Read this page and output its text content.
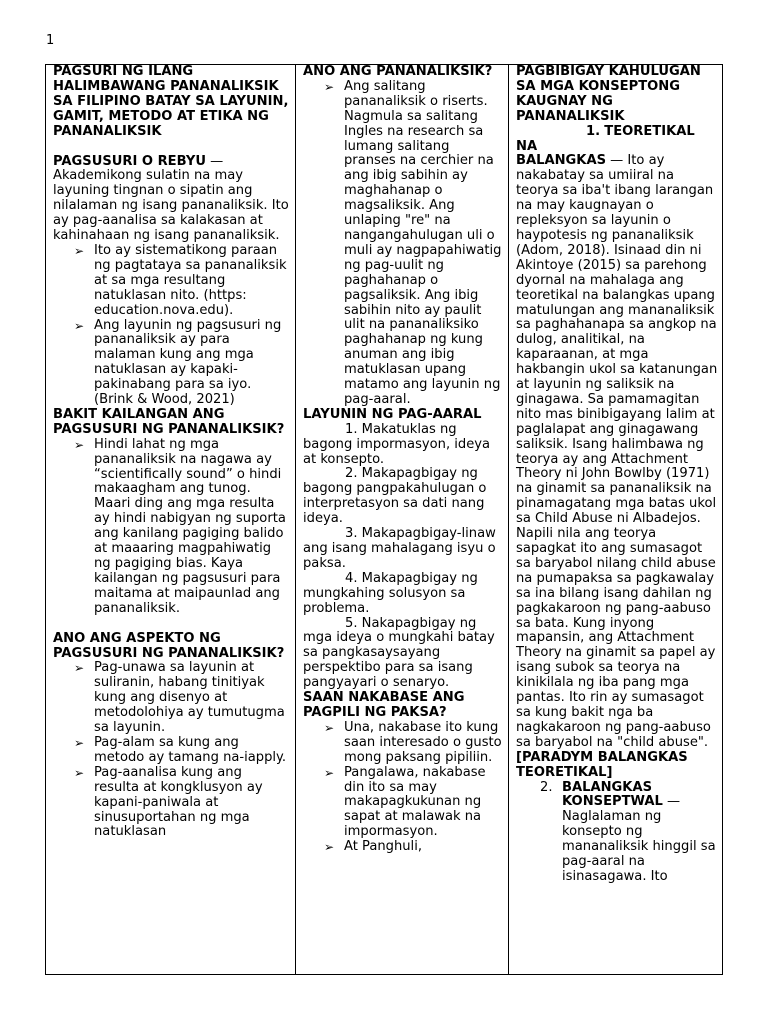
1

PAGSURI NG ILANG HALIMBAWANG PANANALIKSIK SA FILIPINO BATAY SA LAYUNIN, GAMIT, METODO AT ETIKA NG PANANALIKSIK

PAGSUSURI O REBYU — Akademikong sulatin na may layuning tingnan o sipatin ang nilalaman ng isang pananaliksik. Ito ay pag-aanalisa sa kalakasan at kahinahaan ng isang pananaliksik.

➢ Ito ay sistematikong paraan ng pagtataya sa pananaliksik at sa mga resultang natuklasan nito. (https: education.nova.edu).
➢ Ang layunin ng pagsusuri ng pananaliksik ay para malaman kung ang mga natuklasan ay kapaki-pakinabang para sa iyo. (Brink & Wood, 2021)

BAKIT KAILANGAN ANG PAGSUSURI NG PANANALIKSIK?

➢ Hindi lahat ng mga pananaliksik na nagawa ay “scientifically sound” o hindi makaagham ang tunog. Maari ding ang mga resulta ay hindi nabigyan ng suporta ang kanilang pagiging balido at maaaring magpahiwatig ng pagiging bias. Kaya kailangan ng pagsusuri para maitama at maipaunlad ang pananaliksik.

ANO ANG ASPEKTO NG PAGSUSURI NG PANANALIKSIK?

➢ Pag-unawa sa layunin at suliranin, habang tinitiyak kung ang disenyo at metodolohiya ay tumutugma sa layunin.
➢ Pag-alam sa kung ang metodo ay tamang na-iapply.
➢ Pag-aanalisa kung ang resulta at kongklusyon ay kapani-paniwala at sinusuportahan ng mga natuklasan

ANO ANG PANANALIKSIK?

➢ Ang salitang pananaliksik o riserts. Nagmula sa salitang Ingles na research sa lumang salitang pranses na cerchier na ang ibig sabihin ay maghahanap o magsaliksik. Ang unlaping "re" na nangangahulugan uli o muli ay nagpapahiwatig ng pag-uulit ng paghahanap o pagsaliksik. Ang ibig sabihin nito ay paulit ulit na pananaliksiko paghahanap ng kung anuman ang ibig matuklasan upang matamo ang layunin ng pag-aaral.

LAYUNIN NG PAG-AARAL

1. Makatuklas ng bagong impormasyon, ideya at konsepto.

2. Makapagbigay ng bagong pangpakahulugan o interpretasyon sa dati nang ideya.

3. Makapagbigay-linaw ang isang mahalagang isyu o paksa.

4. Makapagbigay ng mungkahing solusyon sa problema.

5. Nakapagbigay ng mga ideya o mungkahi batay sa pangkasaysayang perspektibo para sa isang pangyayari o senaryo.

SAAN NAKABASE ANG PAGPILI NG PAKSA?

➢ Una, nakabase ito kung saan interesado o gusto mong paksang pipiliin.
➢ Pangalawa, nakabase din ito sa may makapagkukunan ng sapat at malawak na impormasyon.
➢ At Panghuli,

PAGBIBIGAY KAHULUGAN SA MGA KONSEPTONG KAUGNAY NG PANANALIKSIK

1. TEORETIKAL NA
BALANGKAS — Ito ay nakabatay sa umiiral na teorya sa iba't ibang larangan na may kaugnayan o repleksyon sa layunin o haypotesis ng pananaliksik (Adom, 2018). Isinaad din ni Akintoye (2015) sa parehong dyornal na mahalaga ang teoretikal na balangkas upang matulungan ang mananaliksik sa paghahanapa sa angkop na dulog, analitikal, na kaparaanan, at mga hakbangin ukol sa katanungan at layunin ng saliksik na ginagawa. Sa pamamagitan nito mas binibigayang lalim at paglalapat ang ginagawang saliksik. Isang halimbawa ng teorya ay ang Attachment Theory ni John Bowlby (1971) na ginamit sa pananaliksik na pinamagatang mga batas ukol sa Child Abuse ni Albadejos. Napili nila ang teorya sapagkat ito ang sumasagot sa baryabol nilang child abuse na pumapaksa sa pagkawalay sa ina bilang isang dahilan ng pagkakaroon ng pang-aabuso sa bata. Kung inyong mapansin, ang Attachment Theory na ginamit sa papel ay isang subok sa teorya na kinikilala ng iba pang mga pantas. Ito rin ay sumasagot sa kung bakit nga ba nagkakaroon ng pang-aabuso sa baryabol na "child abuse".

[PARADYM BALANGKAS TEORETIKAL]

2. BALANGKAS KONSEPTWAL — Naglalaman ng konsepto ng mananaliksik hinggil sa pag-aaral na isinasagawa. Ito
